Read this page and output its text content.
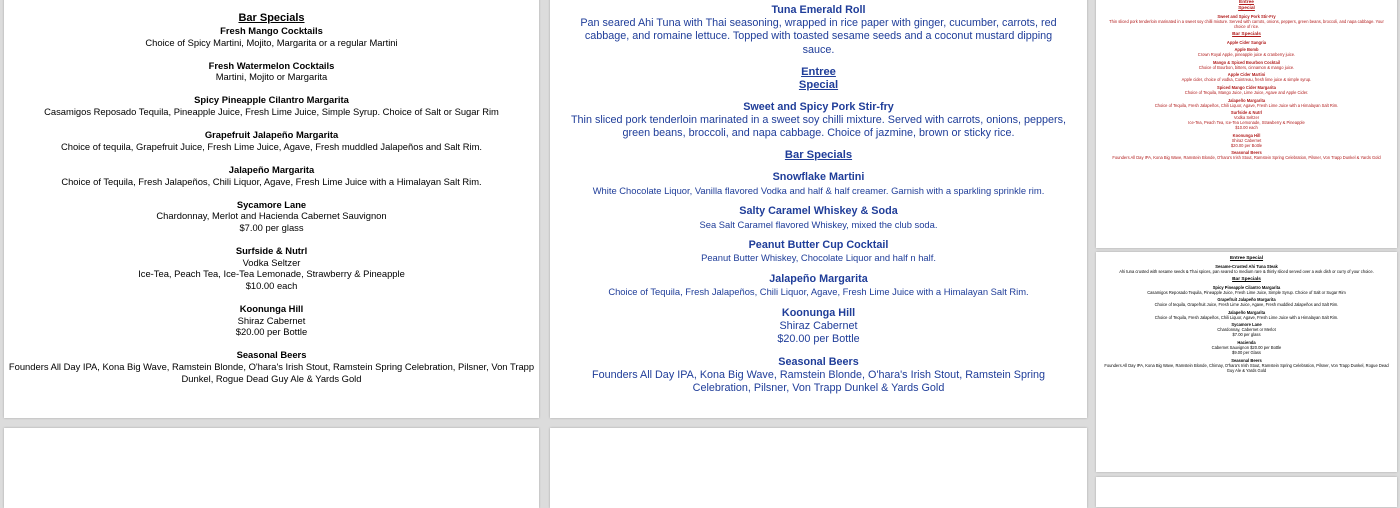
Bar Specials
Fresh Mango Cocktails
Choice of Spicy Martini, Mojito, Margarita or a regular Martini
Fresh Watermelon Cocktails
Martini, Mojito or Margarita
Spicy Pineapple Cilantro Margarita
Casamigos Reposado Tequila, Pineapple Juice, Fresh Lime Juice, Simple Syrup. Choice of Salt or Sugar Rim
Grapefruit Jalapeño Margarita
Choice of tequila, Grapefruit Juice, Fresh Lime Juice, Agave, Fresh muddled Jalapeños and Salt Rim.
Jalapeño Margarita
Choice of Tequila, Fresh Jalapeños, Chili Liquor, Agave, Fresh Lime Juice with a Himalayan Salt Rim.
Sycamore Lane
Chardonnay, Merlot and Hacienda Cabernet Sauvignon
$7.00 per glass
Surfside & Nutrl
Vodka Seltzer
Ice-Tea, Peach Tea, Ice-Tea Lemonade, Strawberry & Pineapple
$10.00 each
Koonunga Hill
Shiraz Cabernet
$20.00 per Bottle
Seasonal Beers
Founders All Day IPA, Kona Big Wave, Ramstein Blonde, O'hara's Irish Stout, Ramstein Spring Celebration, Pilsner, Von Trapp Dunkel, Rogue Dead Guy Ale & Yards Gold
Tuna Emerald Roll
Pan seared Ahi Tuna with Thai seasoning, wrapped in rice paper with ginger, cucumber, carrots, red cabbage, and romaine lettuce. Topped with toasted sesame seeds and a coconut mustard dipping sauce.
Entree
Special
Sweet and Spicy Pork Stir-fry
Thin sliced pork tenderloin marinated in a sweet soy chilli mixture. Served with carrots, onions, peppers, green beans, broccoli, and napa cabbage. Choice of jazmine, brown or sticky rice.
Bar Specials
Snowflake Martini
White Chocolate Liquor, Vanilla flavored Vodka and half & half creamer. Garnish with a sparkling sprinkle rim.
Salty Caramel Whiskey & Soda
Sea Salt Caramel flavored Whiskey, mixed the club soda.
Peanut Butter Cup Cocktail
Peanut Butter Whiskey, Chocolate Liquor and half n half.
Jalapeño Margarita
Choice of Tequila, Fresh Jalapeños, Chili Liquor, Agave, Fresh Lime Juice with a Himalayan Salt Rim.
Koonunga Hill
Shiraz Cabernet
$20.00 per Bottle
Seasonal Beers
Founders All Day IPA, Kona Big Wave, Ramstein Blonde, O'hara's Irish Stout, Ramstein Spring Celebration, Pilsner, Von Trapp Dunkel & Yards Gold
Entree
Special
Sweet and Spicy Pork Stir-Fry
Thin sliced pork tenderloin marinated in a sweet soy chilli mixture. Served with carrots, onions, peppers, green beans, broccoli, and napa cabbage. Your choice of rice.
Bar Specials
Apple Cider Sangria
Apple Bomb
Crown Royal Apple, pineapple juice & cranberry juice.
Mango & Spiced Bourbon Cocktail
Choice of Bourbon, bitters, cinnamon & mango juice.
Apple Cider Martini
Apple cider, choice of vodka, Cointreau, fresh lime juice & simple syrup.
Spiced Mango Cider Margarita
Choice of Tequila, Mango Juice, Lime Juice, Agave and Apple Cider.
Jalapeño Margarita
Choice of Tequila, Fresh Jalapeños, Chili Liquor, Agave, Fresh Lime Juice with a Himalayan Salt Rim.
Surfside & Nutrl
Vodka Seltzer
Ice-Tea, Peach Tea, Ice-Tea Lemonade, Strawberry & Pineapple
$10.00 each
Koonunga Hill
Shiraz Cabernet
$20.00 per Bottle
Seasonal Beers
Founders All Day IPA, Kona Big Wave, Ramstein Blonde, O'hara's Irish Stout, Ramstein Spring Celebration, Pilsner, Von Trapp Dunkel & Yards Gold
Entree Special
Sesame-Crusted Ahi Tuna Steak
Ahi tuna crusted with sesame seeds & Thai spices, pan seared to medium rare & thinly sliced served over a wok dish or curry of your choice.
Bar Specials
Spicy Pineapple Cilantro Margarita
Casamigos Reposado Tequila, Pineapple Juice, Fresh Lime Juice, Simple Syrup. Choice of Salt or Sugar Rim
Grapefruit Jalapeño Margarita
Choice of tequila, Grapefruit Juice, Fresh Lime Juice, Agave, Fresh muddled Jalapeños and Salt Rim.
Jalapeño Margarita
Choice of Tequila, Fresh Jalapeños, Chili Liquor, Agave, Fresh Lime Juice with a Himalayan Salt Rim.
Sycamore Lane
Chardonnay, Cabernet or Merlot
$7.00 per glass
Hacienda
Cabernet Sauvignon $20.00 per Bottle
$9.00 per Glass
Seasonal Beers
Founders All Day IPA, Kona Big Wave, Ramstein Blonde, Chimay, O'hara's Irish Stout, Ramstein Spring Celebration, Pilsner, Von Trapp Dunkel, Rogue Dead Guy Ale & Yards Gold
